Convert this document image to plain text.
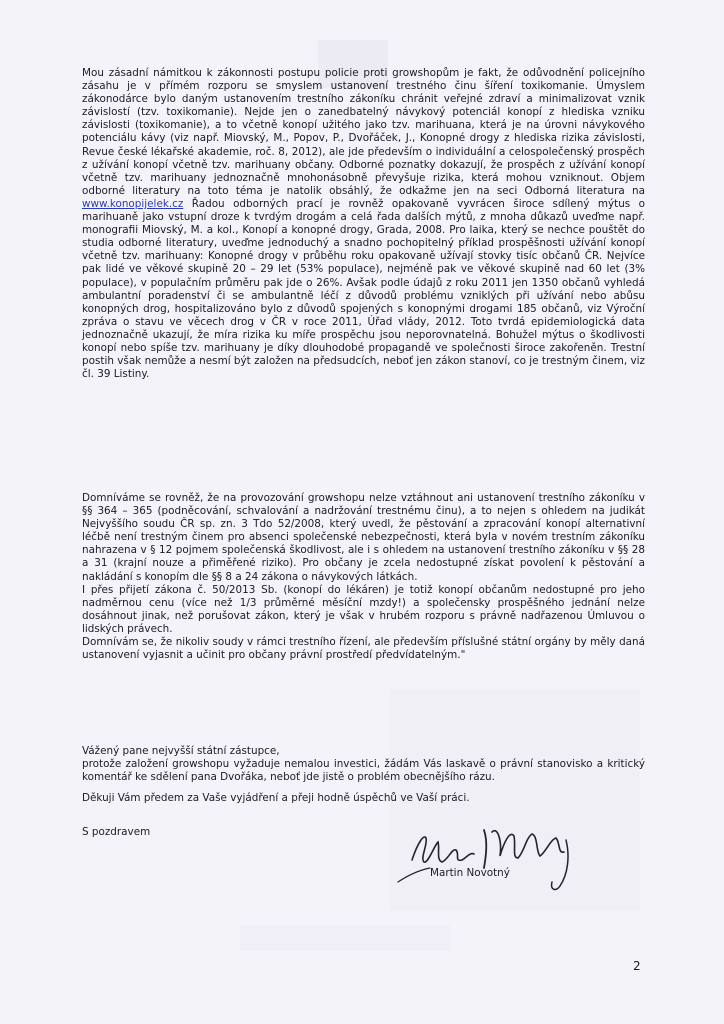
Mou zásadní námitkou k zákonnosti postupu policie proti growshopům je fakt, že odůvodnění policejního zásahu je v přímém rozporu se smyslem ustanovení trestného činu šíření toxikomanie. Úmyslem zákonodárce bylo daným ustanovením trestního zákoníku chránit veřejné zdraví a minimalizovat vznik závislostí (tzv. toxikomanie). Nejde jen o zanedbatelný návykový potenciál konopí z hlediska vzniku závislosti (toxikomanie), a to včetně konopí užitého jako tzv. marihuana, která je na úrovni návykového potenciálu kávy (viz např. Miovský, M., Popov, P., Dvořáček, J., Konopné drogy z hlediska rizika závislosti, Revue české lékařské akademie, roč. 8, 2012), ale jde především o individuální a celospolečenský prospěch z užívání konopí včetně tzv. marihuany občany. Odborné poznatky dokazují, že prospěch z užívání konopí včetně tzv. marihuany jednoznačně mnohonásobně převyšuje rizika, která mohou vzniknout. Objem odborné literatury na toto téma je natolik obsáhlý, že odkažme jen na seci Odborná literatura na www.konopijelek.cz Řadou odborných prací je rovněž opakovaně vyvrácen široce sdílený mýtus o marihuaně jako vstupní droze k tvrdým drogám a celá řada dalších mýtů, z mnoha důkazů uveďme např. monografii Miovský, M. a kol., Konopí a konopné drogy, Grada, 2008. Pro laika, který se nechce pouštět do studia odborné literatury, uveďme jednoduchý a snadno pochopitelný příklad prospěšnosti užívání konopí včetně tzv. marihuany: Konopné drogy v průběhu roku opakovaně užívají stovky tisíc občanů ČR. Nejvíce pak lidé ve věkové skupině 20 – 29 let (53% populace), nejméně pak ve věkové skupině nad 60 let (3% populace), v populačním průměru pak jde o 26%. Avšak podle údajů z roku 2011 jen 1350 občanů vyhledá ambulantní poradenství či se ambulantně léčí z důvodů problému vzniklých při užívání nebo abůsu konopných drog, hospitalizováno bylo z důvodů spojených s konopnými drogami 185 občanů, viz Výroční zpráva o stavu ve věcech drog v ČR v roce 2011, Úřad vlády, 2012. Toto tvrdá epidemiologická data jednoznačně ukazují, že míra rizika ku míře prospěchu jsou neporovnatelná. Bohužel mýtus o škodlivosti konopí nebo spíše tzv. marihuany je díky dlouhodobé propagandě ve společnosti široce zakořeněn. Trestní postih však nemůže a nesmí být založen na předsudcích, neboť jen zákon stanoví, co je trestným činem, viz čl. 39 Listiny.

Domníváme se rovněž, že na provozování growshopu nelze vztáhnout ani ustanovení trestního zákoníku v §§ 364 – 365 (podněcování, schvalování a nadržování trestnému činu), a to nejen s ohledem na judikát Nejvyššího soudu ČR sp. zn. 3 Tdo 52/2008, který uvedl, že pěstování a zpracování konopí alternativní léčbě není trestným činem pro absenci společenské nebezpečnosti, která byla v novém trestním zákoníku nahrazena v § 12 pojmem společenská škodlivost, ale i s ohledem na ustanovení trestního zákoníku v §§ 28 a 31 (krajní nouze a přiměřené riziko). Pro občany je zcela nedostupné získat povolení k pěstování a nakládání s konopím dle §§ 8 a 24 zákona o návykových látkách.

I přes přijetí zákona č. 50/2013 Sb. (konopí do lékáren) je totiž konopí občanům nedostupné pro jeho nadměrnou cenu (více než 1/3 průměrné měsíční mzdy!) a společensky prospěšného jednání nelze dosáhnout jinak, než porušovat zákon, který je však v hrubém rozporu s právně nadřazenou Úmluvou o lidských právech.

Domnívám se, že nikoliv soudy v rámci trestního řízení, ale především příslušné státní orgány by měly daná ustanovení vyjasnit a učinit pro občany právní prostředí předvídatelným."

Vážený pane nejvyšší státní zástupce,

protože založení growshopu vyžaduje nemalou investici, žádám Vás laskavě o právní stanovisko a kritický komentář ke sdělení pana Dvořáka, neboť jde jistě o problém obecnějšího rázu.

Děkuji Vám předem za Vaše vyjádření a přeji hodně úspěchů ve Vaší práci.

S pozdravem

Martin Novotný
2
